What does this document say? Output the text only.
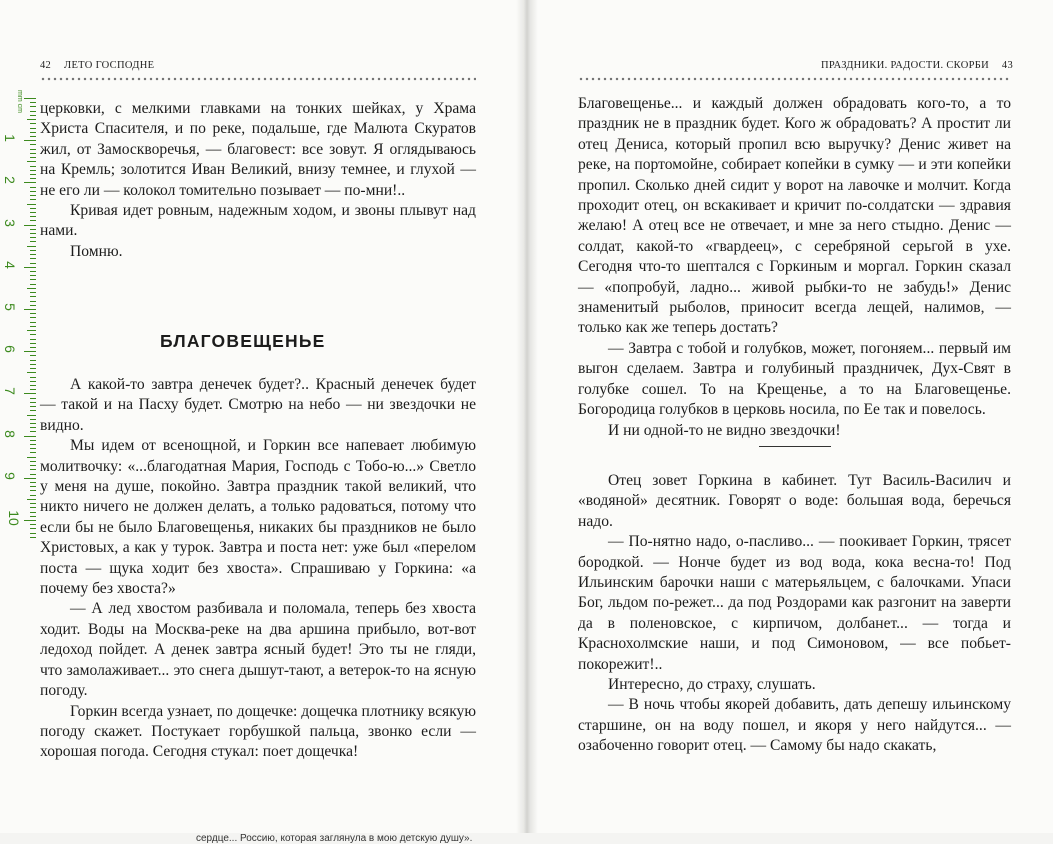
42 ЛЕТО ГОСПОДНЕ
mm cm
1
2
3
4
5
6
7
8
9
10

церковки, с мелкими главками на тонких шейках, у Храма Христа Спасителя, и по реке, подальше, где Малюта Скуратов жил, от Замоскворечья, — благовест: все зовут. Я оглядываюсь на Кремль; золотится Иван Великий, внизу темнее, и глухой — не его ли — колокол томительно позывает — по-мни!..

Кривая идет ровным, надежным ходом, и звоны плывут над нами.

Помню.

БЛАГОВЕЩЕНЬЕ

А какой-то завтра денечек будет?.. Красный денечек будет — такой и на Пасху будет. Смотрю на небо — ни звездочки не видно.

Мы идем от всенощной, и Горкин все напевает любимую молитвочку: «...благодатная Мария, Господь с Тобо-ю...» Светло у меня на душе, покойно. Завтра праздник такой великий, что никто ничего не должен делать, а только радоваться, потому что если бы не было Благовещенья, никаких бы праздников не было Христовых, а как у турок. Завтра и поста нет: уже был «перелом поста — щука ходит без хвоста». Спрашиваю у Горкина: «а почему без хвоста?»

— А лед хвостом разбивала и поломала, теперь без хвоста ходит. Воды на Москва-реке на два аршина прибыло, вот-вот ледоход пойдет. А денек завтра ясный будет! Это ты не гляди, что замолаживает... это снега дышут-тают, а ветерок-то на ясную погоду.

Горкин всегда узнает, по дощечке: дощечка плотнику всякую погоду скажет. Постукает горбушкой пальца, звонко если — хорошая погода. Сегодня стукал: поет дощечка!

ПРАЗДНИКИ. РАДОСТИ. СКОРБИ 43

Благовещенье... и каждый должен обрадовать кого-то, а то праздник не в праздник будет. Кого ж обрадовать? А простит ли отец Дениса, который пропил всю выручку? Денис живет на реке, на портомойне, собирает копейки в сумку — и эти копейки пропил. Сколько дней сидит у ворот на лавочке и молчит. Когда проходит отец, он вскакивает и кричит по-солдатски — здравия желаю! А отец все не отвечает, и мне за него стыдно. Денис — солдат, какой-то «гвардеец», с серебряной серьгой в ухе. Сегодня что-то шептался с Горкиным и моргал. Горкин сказал — «попробуй, ладно... живой рыбки-то не забудь!» Денис знаменитый рыболов, приносит всегда лещей, налимов, — только как же теперь достать?

— Завтра с тобой и голубков, может, погоняем... первый им выгон сделаем. Завтра и голубиный праздничек, Дух-Свят в голубке сошел. То на Крещенье, а то на Благовещенье. Богородица голубков в церковь носила, по Ее так и повелось.

И ни одной-то не видно звездочки!

Отец зовет Горкина в кабинет. Тут Василь-Василич и «водяной» десятник. Говорят о воде: большая вода, беречься надо.

— По-нятно надо, о-пасливо... — поокивает Горкин, трясет бородкой. — Нонче будет из вод вода, кока весна-то! Под Ильинским барочки наши с матерьяльцем, с балочками. Упаси Бог, льдом по-режет... да под Роздорами как разгонит на заверти да в поленовское, с кирпичом, долбанет... — тогда и Краснохолмские наши, и под Симоновом, — все побьет-покорежит!..

Интересно, до страху, слушать.

— В ночь чтобы якорей добавить, дать депешу ильинскому старшине, он на воду пошел, и якоря у него найдутся... — озабоченно говорит отец. — Самому бы надо скакать,

сердце... Россию, которая заглянула в мою детскую душу».
